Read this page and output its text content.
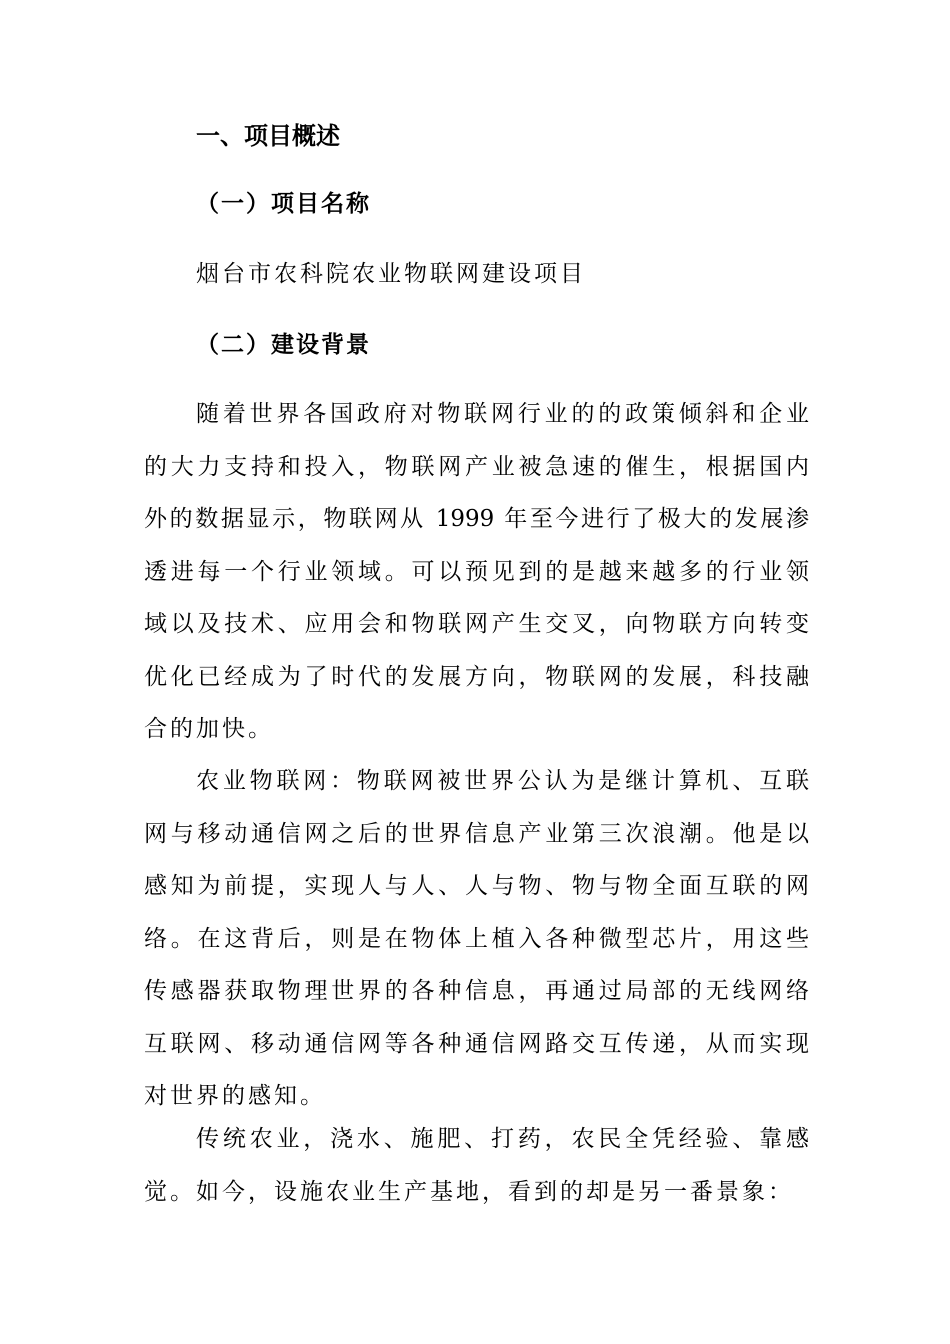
一、项目概述
（一）项目名称
烟台市农科院农业物联网建设项目
（二）建设背景
随着世界各国政府对物联网行业的的政策倾斜和企业
的大力支持和投入，物联网产业被急速的催生，根据国内
外的数据显示，物联网从 1999 年至今进行了极大的发展渗
透进每一个行业领域。可以预见到的是越来越多的行业领
域以及技术、应用会和物联网产生交叉，向物联方向转变
优化已经成为了时代的发展方向，物联网的发展，科技融
合的加快。
农业物联网：物联网被世界公认为是继计算机、互联
网与移动通信网之后的世界信息产业第三次浪潮。他是以
感知为前提，实现人与人、人与物、物与物全面互联的网
络。在这背后，则是在物体上植入各种微型芯片，用这些
传感器获取物理世界的各种信息，再通过局部的无线网络
互联网、移动通信网等各种通信网路交互传递，从而实现
对世界的感知。
传统农业，浇水、施肥、打药，农民全凭经验、靠感
觉。如今，设施农业生产基地，看到的却是另一番景象：
